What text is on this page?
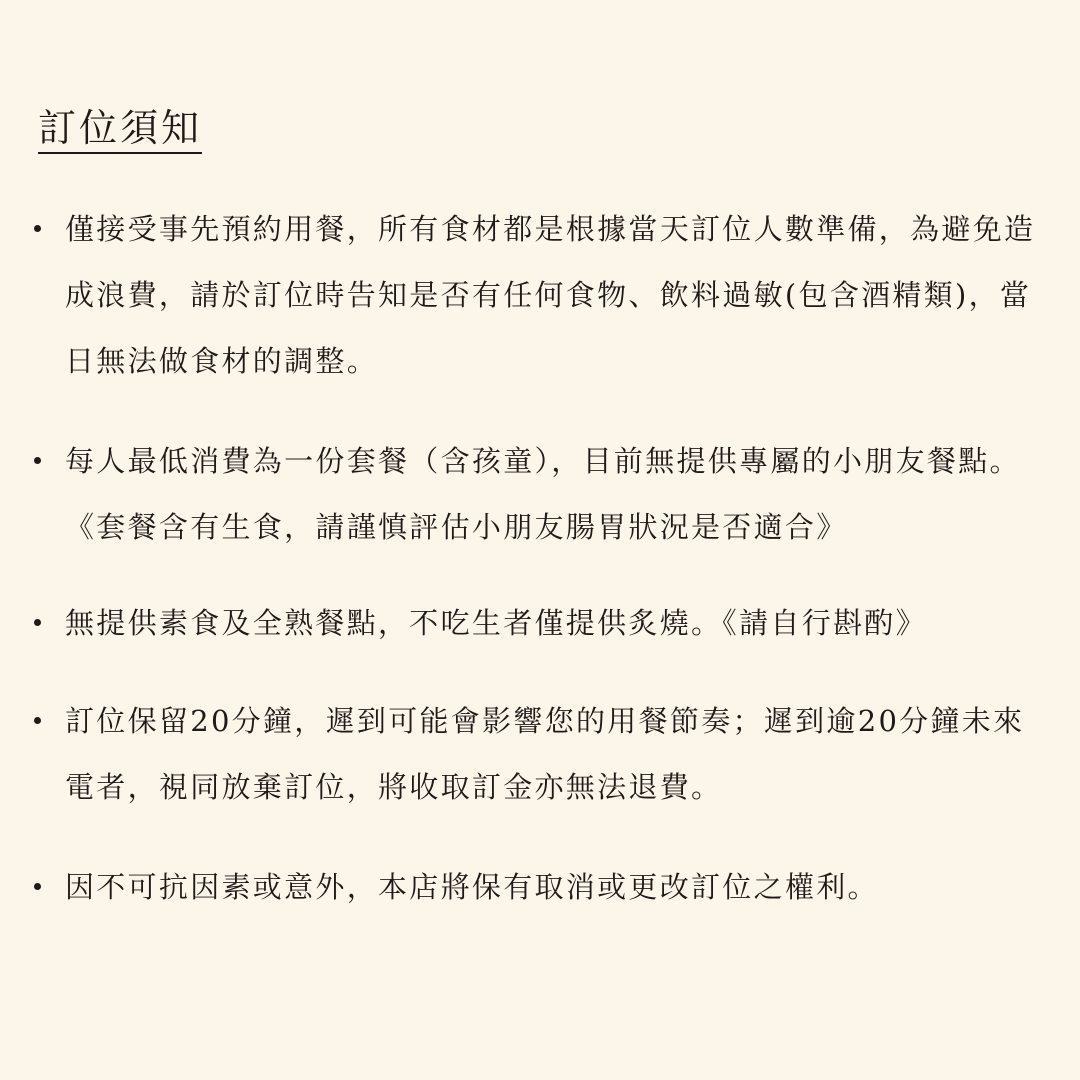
訂位須知
僅接受事先預約用餐，所有食材都是根據當天訂位人數準備，為避免造成浪費，請於訂位時告知是否有任何食物、飲料過敏(包含酒精類)，當日無法做食材的調整。
每人最低消費為一份套餐（含孩童），目前無提供專屬的小朋友餐點。《套餐含有生食，請謹慎評估小朋友腸胃狀況是否適合》
無提供素食及全熟餐點，不吃生者僅提供炙燒。《請自行斟酌》
訂位保留20分鐘，遲到可能會影響您的用餐節奏；遲到逾20分鐘未來電者，視同放棄訂位，將收取訂金亦無法退費。
因不可抗因素或意外，本店將保有取消或更改訂位之權利。
